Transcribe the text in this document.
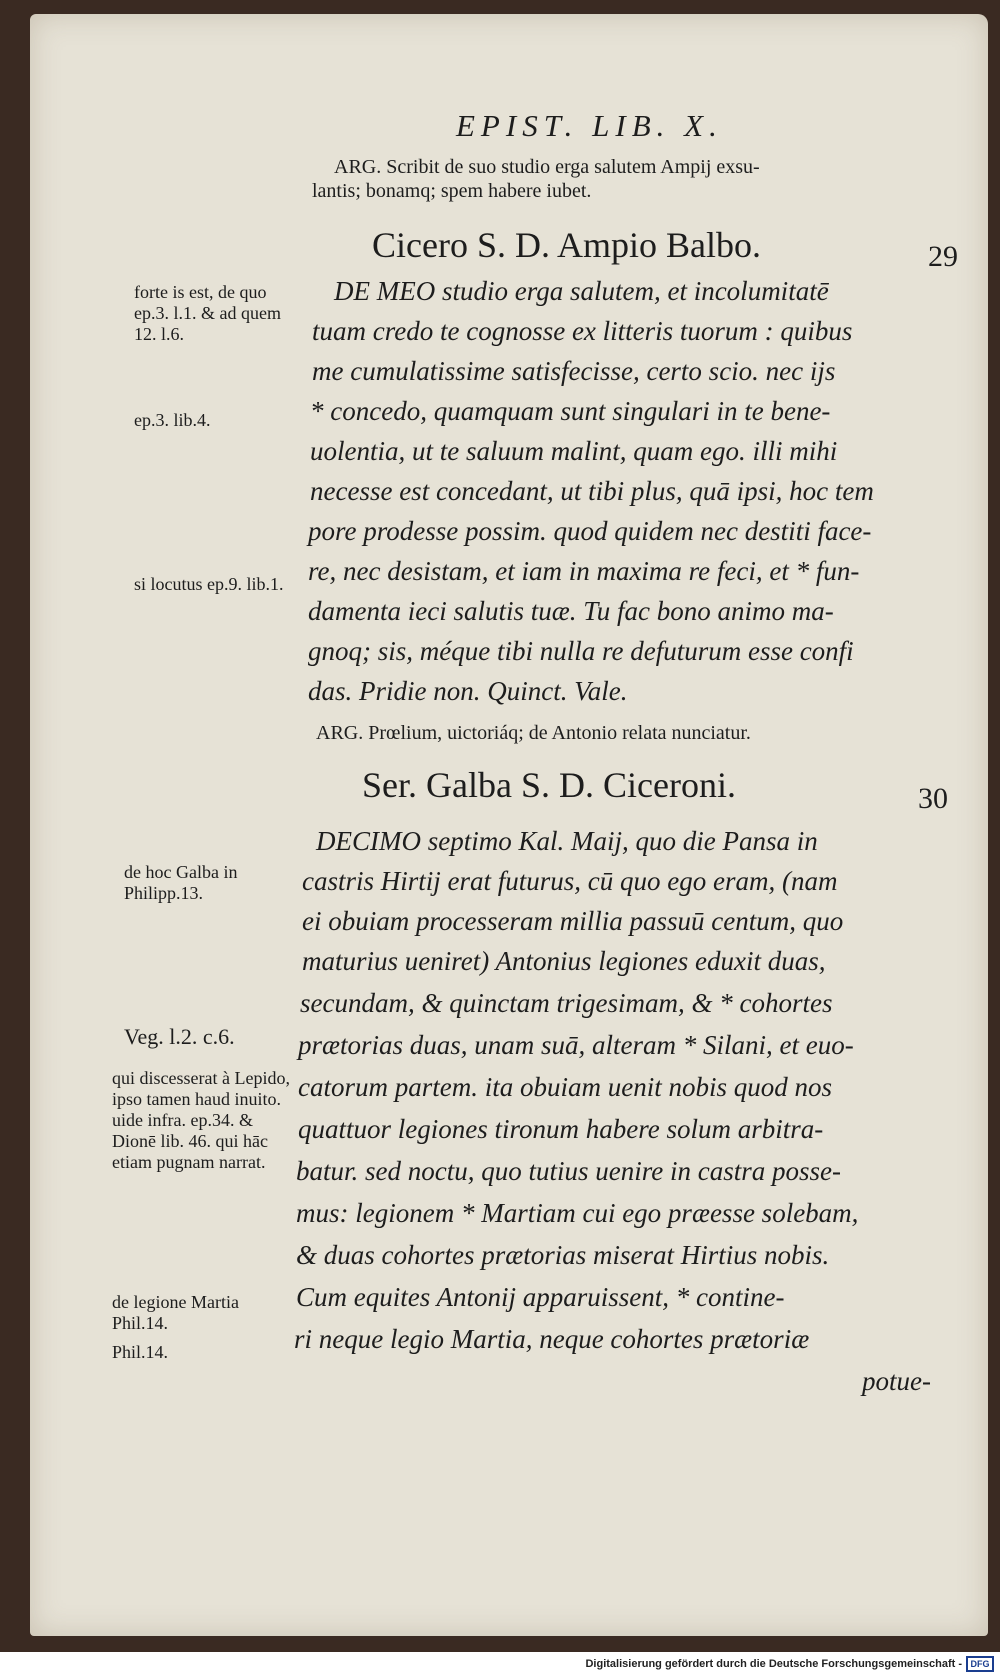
EPIST. LIB. X.

ARG. Scribit de suo studio erga salutem Ampij exsu-

lantis; bonamq; spem habere iubet.

Cicero S. D. Ampio Balbo.	29

DE MEO studio erga salutem, et incolumitatē

tuam credo te cognosse ex litteris tuorum : quibus

me cumulatissime satisfecisse, certo scio. nec ijs

* concedo, quamquam sunt singulari in te bene-

uolentia, ut te saluum malint, quam ego. illi mihi

necesse est concedant, ut tibi plus, quā ipsi, hoc tem

pore prodesse possim. quod quidem nec destiti face-

re, nec desistam, et iam in maxima re feci, et * fun-

damenta ieci salutis tuæ. Tu fac bono animo ma-

gnoq; sis, méque tibi nulla re defuturum esse confi

das. Pridie non. Quinct. Vale.

ARG. Prœlium, uictoriáq; de Antonio relata nunciatur.

Ser. Galba S. D. Ciceroni.	30

DECIMO septimo Kal. Maij, quo die Pansa in

castris Hirtij erat futurus, cū quo ego eram, (nam

ei obuiam processeram millia passuū centum, quo

maturius ueniret) Antonius legiones eduxit duas,

secundam, & quinctam trigesimam, & * cohortes

prætorias duas, unam suā, alteram * Silani, et euo-

catorum partem. ita obuiam uenit nobis quod nos

quattuor legiones tironum habere solum arbitra-

batur. sed noctu, quo tutius uenire in castra posse-

mus: legionem * Martiam cui ego præesse solebam,

& duas cohortes prætorias miserat Hirtius nobis.

Cum equites Antonij apparuissent, * contine-

ri neque legio Martia, neque cohortes prætoriæ

potue-

forte is est, de quo ep.3. l.1. & ad quem 12. l.6.

ep.3. lib.4.

si locutus ep.9. lib.1.

de hoc Galba in Philipp.13.

Veg. l.2. c.6.

qui discesserat à Lepido, ipso tamen haud inuito. uide infra. ep.34. & Dionē lib. 46. qui hāc etiam pugnam narrat.

de legione Martia Phil.14.

Phil.14.

Digitalisierung gefördert durch die Deutsche Forschungsgemeinschaft - DFG
